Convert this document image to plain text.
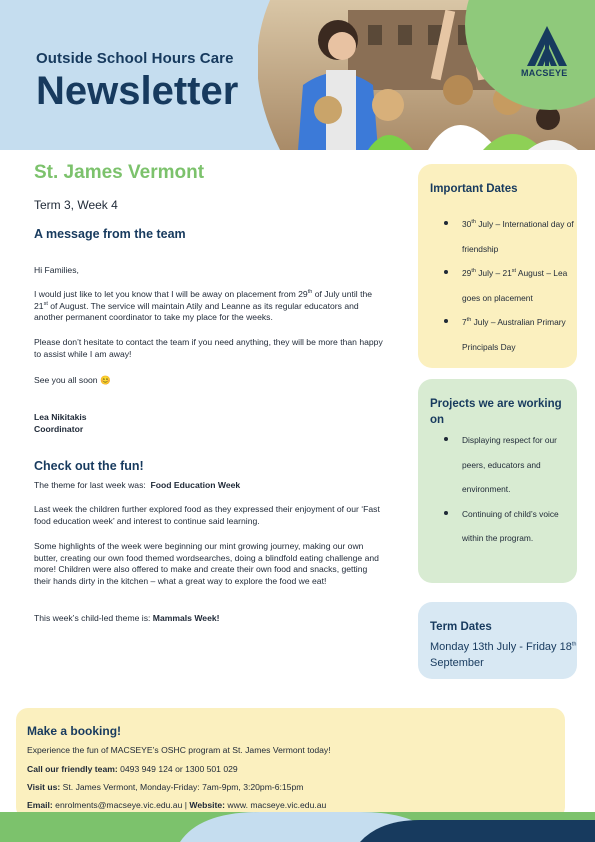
Outside School Hours Care
Newsletter	MACSEYE
St. James Vermont
Term 3, Week 4
A message from the team

Hi Families,

I would just like to let you know that I will be away on placement from 29th of July until the 21st of August. The service will maintain Atily and Leanne as its regular educators and another permanent coordinator to take my place for the weeks.

Please don’t hesitate to contact the team if you need anything, they will be more than happy to assist while I am away!

See you all soon 😊

Lea Nikitakis

Coordinator

Check out the fun!

The theme for last week was: Food Education Week

Last week the children further explored food as they expressed their enjoyment of our ‘Fast food education week’ and interest to continue said learning.

Some highlights of the week were beginning our mint growing journey, making our own butter, creating our own food themed wordsearches, doing a blindfold eating challenge and more! Children were also offered to make and create their own food and snacks, getting their hands dirty in the kitchen – what a great way to explore the food we eat!

This week’s child-led theme is: Mammals Week!

Important Dates
30th July – International day of friendship
29th July – 21st August – Lea goes on placement
7th July – Australian Primary Principals Day
Projects we are working on
Displaying respect for our peers, educators and environment.
Continuing of child’s voice within the program.
Term Dates
Monday 13th July - Friday 18th September
Make a booking!
Experience the fun of MACSEYE’s OSHC program at St. James Vermont today!
Call our friendly team: 0493 949 124 or 1300 501 029
Visit us: St. James Vermont, Monday-Friday: 7am-9pm, 3:20pm-6:15pm
Email: enrolments@macseye.vic.edu.au | Website: www. macseye.vic.edu.au
